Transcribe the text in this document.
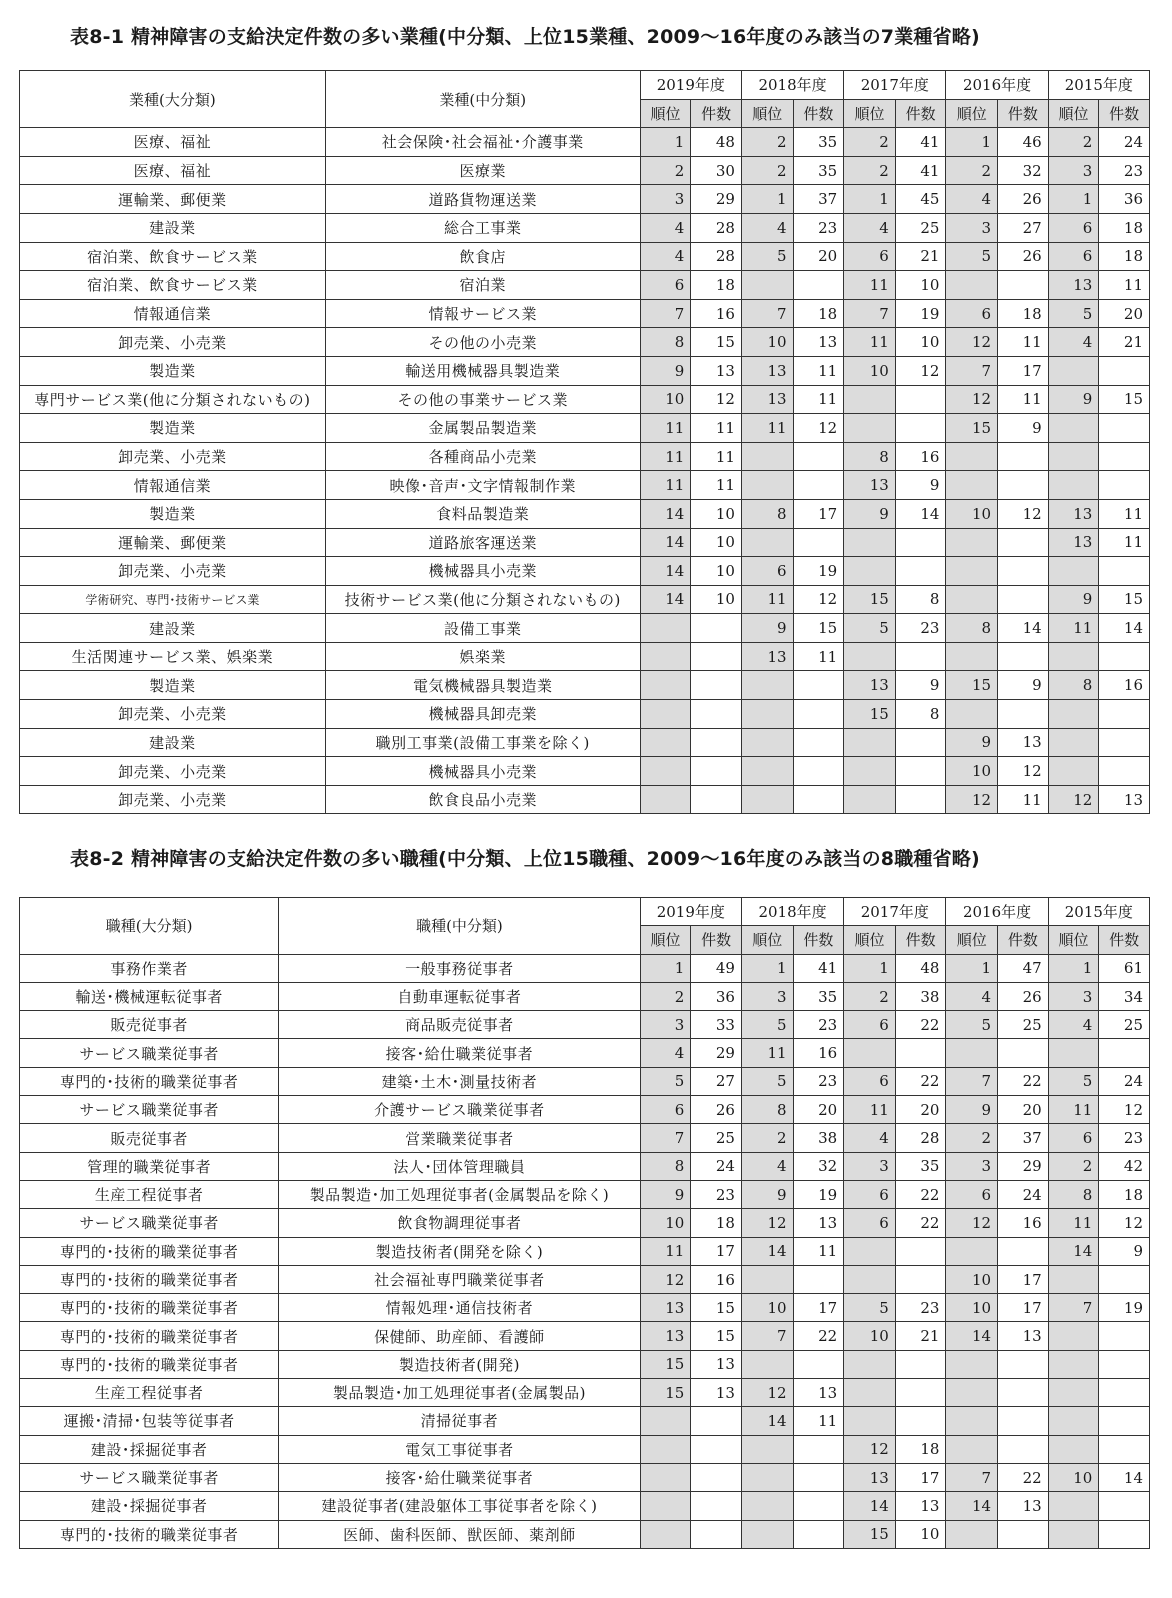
表8-1 精神障害の支給決定件数の多い業種(中分類、上位15業種、2009～16年度のみ該当の7業種省略)
業種(大分類)	業種(中分類)	2019年度		2018年度		2017年度		2016年度		2015年度	
		順位	件数	順位	件数	順位	件数	順位	件数	順位	件数
医療、福祉	社会保険･社会福祉･介護事業	1	48	2	35	2	41	1	46	2	24
医療、福祉	医療業	2	30	2	35	2	41	2	32	3	23
運輸業、郵便業	道路貨物運送業	3	29	1	37	1	45	4	26	1	36
建設業	総合工事業	4	28	4	23	4	25	3	27	6	18
宿泊業、飲食サービス業	飲食店	4	28	5	20	6	21	5	26	6	18
宿泊業、飲食サービス業	宿泊業	6	18			11	10			13	11
情報通信業	情報サービス業	7	16	7	18	7	19	6	18	5	20
卸売業、小売業	その他の小売業	8	15	10	13	11	10	12	11	4	21
製造業	輸送用機械器具製造業	9	13	13	11	10	12	7	17		
専門サービス業(他に分類されないもの)	その他の事業サービス業	10	12	13	11			12	11	9	15
製造業	金属製品製造業	11	11	11	12			15	9		
卸売業、小売業	各種商品小売業	11	11			8	16				
情報通信業	映像･音声･文字情報制作業	11	11			13	9				
製造業	食料品製造業	14	10	8	17	9	14	10	12	13	11
運輸業、郵便業	道路旅客運送業	14	10							13	11
卸売業、小売業	機械器具小売業	14	10	6	19						
学術研究、専門･技術サービス業	技術サービス業(他に分類されないもの)	14	10	11	12	15	8			9	15
建設業	設備工事業			9	15	5	23	8	14	11	14
生活関連サービス業、娯楽業	娯楽業			13	11						
製造業	電気機械器具製造業					13	9	15	9	8	16
卸売業、小売業	機械器具卸売業					15	8				
建設業	職別工事業(設備工事業を除く)							9	13		
卸売業、小売業	機械器具小売業							10	12		
卸売業、小売業	飲食良品小売業							12	11	12	13
表8-2 精神障害の支給決定件数の多い職種(中分類、上位15職種、2009～16年度のみ該当の8職種省略)
職種(大分類)	職種(中分類)	2019年度		2018年度		2017年度		2016年度		2015年度	
		順位	件数	順位	件数	順位	件数	順位	件数	順位	件数
事務作業者	一般事務従事者	1	49	1	41	1	48	1	47	1	61
輸送･機械運転従事者	自動車運転従事者	2	36	3	35	2	38	4	26	3	34
販売従事者	商品販売従事者	3	33	5	23	6	22	5	25	4	25
サービス職業従事者	接客･給仕職業従事者	4	29	11	16						
専門的･技術的職業従事者	建築･土木･測量技術者	5	27	5	23	6	22	7	22	5	24
サービス職業従事者	介護サービス職業従事者	6	26	8	20	11	20	9	20	11	12
販売従事者	営業職業従事者	7	25	2	38	4	28	2	37	6	23
管理的職業従事者	法人･団体管理職員	8	24	4	32	3	35	3	29	2	42
生産工程従事者	製品製造･加工処理従事者(金属製品を除く)	9	23	9	19	6	22	6	24	8	18
サービス職業従事者	飲食物調理従事者	10	18	12	13	6	22	12	16	11	12
専門的･技術的職業従事者	製造技術者(開発を除く)	11	17	14	11					14	9
専門的･技術的職業従事者	社会福祉専門職業従事者	12	16					10	17		
専門的･技術的職業従事者	情報処理･通信技術者	13	15	10	17	5	23	10	17	7	19
専門的･技術的職業従事者	保健師、助産師、看護師	13	15	7	22	10	21	14	13		
専門的･技術的職業従事者	製造技術者(開発)	15	13								
生産工程従事者	製品製造･加工処理従事者(金属製品)	15	13	12	13						
運搬･清掃･包装等従事者	清掃従事者			14	11						
建設･採掘従事者	電気工事従事者					12	18				
サービス職業従事者	接客･給仕職業従事者					13	17	7	22	10	14
建設･採掘従事者	建設従事者(建設躯体工事従事者を除く)					14	13	14	13		
専門的･技術的職業従事者	医師、歯科医師、獣医師、薬剤師					15	10				
